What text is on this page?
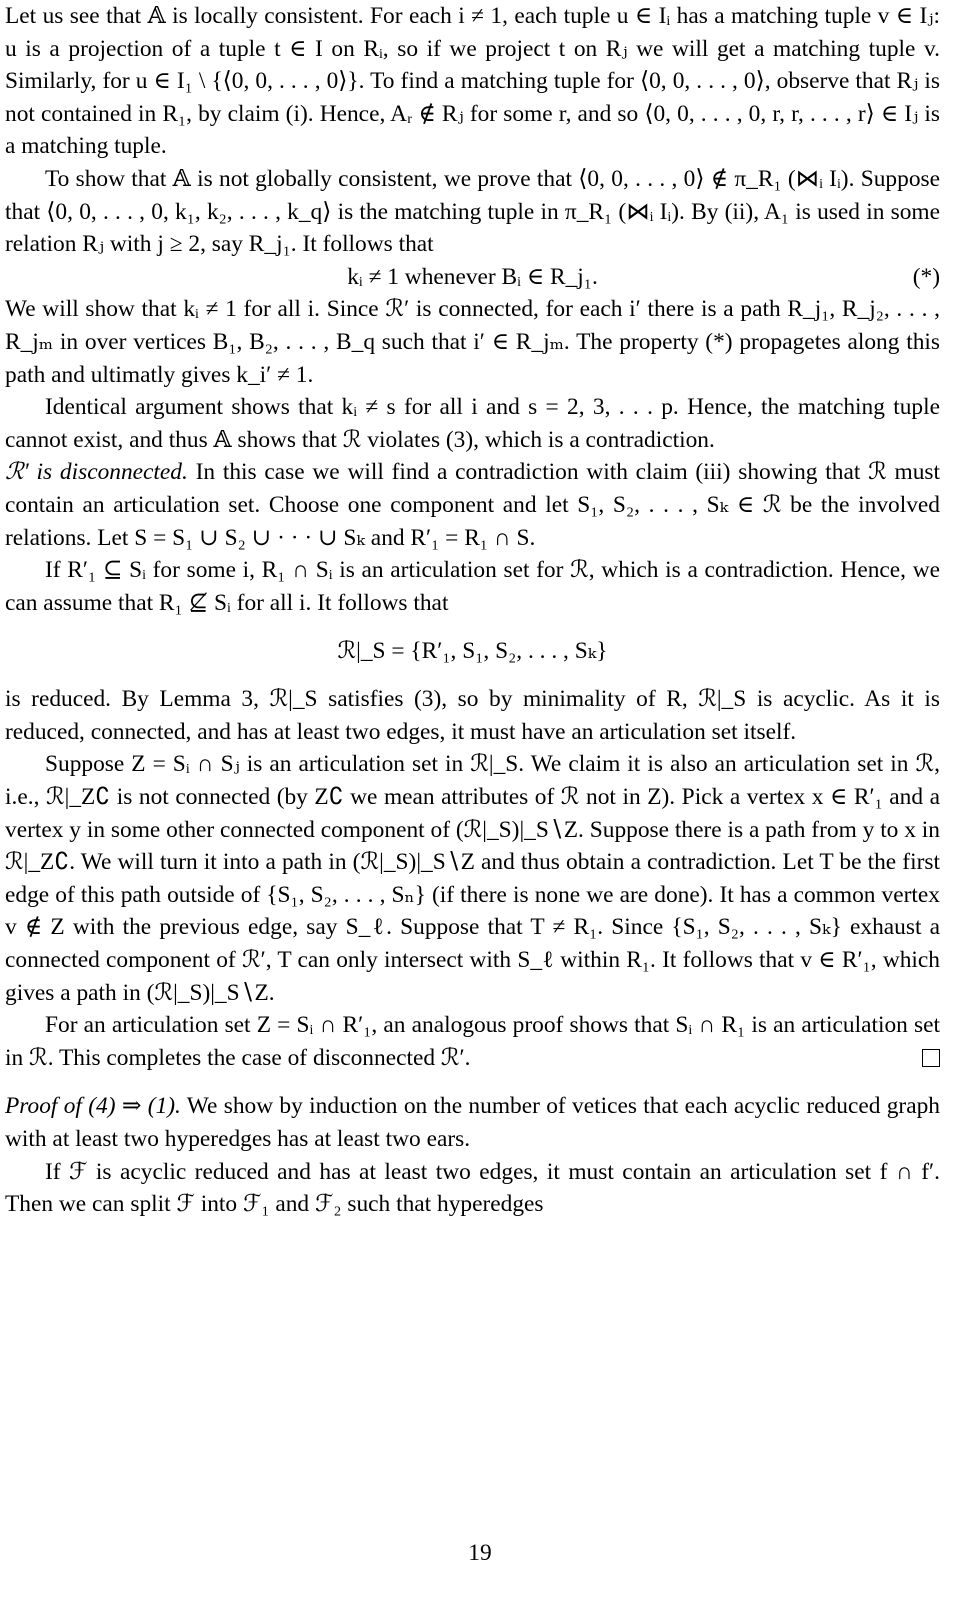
Let us see that 𝔸 is locally consistent. For each i ≠ 1, each tuple u ∈ Iᵢ has a matching tuple v ∈ Iⱼ: u is a projection of a tuple t ∈ I on Rᵢ, so if we project t on Rⱼ we will get a matching tuple v. Similarly, for u ∈ I₁ \ {⟨0, 0, . . . , 0⟩}. To find a matching tuple for ⟨0, 0, . . . , 0⟩, observe that Rⱼ is not contained in R₁, by claim (i). Hence, Aᵣ ∉ Rⱼ for some r, and so ⟨0, 0, . . . , 0, r, r, . . . , r⟩ ∈ Iⱼ is a matching tuple.
To show that 𝔸 is not globally consistent, we prove that ⟨0, 0, . . . , 0⟩ ∉ π_R₁ (⋈ᵢ Iᵢ). Suppose that ⟨0, 0, . . . , 0, k₁, k₂, . . . , k_q⟩ is the matching tuple in π_R₁ (⋈ᵢ Iᵢ). By (ii), A₁ is used in some relation Rⱼ with j ≥ 2, say R_j₁. It follows that
kᵢ ≠ 1 whenever Bᵢ ∈ R_j₁.	(*)
We will show that kᵢ ≠ 1 for all i. Since ℛ′ is connected, for each i′ there is a path R_j₁, R_j₂, . . . , R_jₘ in over vertices B₁, B₂, . . . , B_q such that i′ ∈ R_jₘ. The property (*) propagetes along this path and ultimatly gives k_i′ ≠ 1.
Identical argument shows that kᵢ ≠ s for all i and s = 2, 3, . . . p. Hence, the matching tuple cannot exist, and thus 𝔸 shows that ℛ violates (3), which is a contradiction.
ℛ′ is disconnected. In this case we will find a contradiction with claim (iii) showing that ℛ must contain an articulation set. Choose one component and let S₁, S₂, . . . , Sₖ ∈ ℛ be the involved relations. Let S = S₁ ∪ S₂ ∪ · · · ∪ Sₖ and R′₁ = R₁ ∩ S.
If R′₁ ⊆ Sᵢ for some i, R₁ ∩ Sᵢ is an articulation set for ℛ, which is a contradiction. Hence, we can assume that R₁ ⊈ Sᵢ for all i. It follows that
ℛ|_S = {R′₁, S₁, S₂, . . . , Sₖ}
is reduced. By Lemma 3, ℛ|_S satisfies (3), so by minimality of R, ℛ|_S is acyclic. As it is reduced, connected, and has at least two edges, it must have an articulation set itself.
Suppose Z = Sᵢ ∩ Sⱼ is an articulation set in ℛ|_S. We claim it is also an articulation set in ℛ, i.e., ℛ|_Z∁ is not connected (by Z∁ we mean attributes of ℛ not in Z). Pick a vertex x ∈ R′₁ and a vertex y in some other connected component of (ℛ|_S)|_S∖Z. Suppose there is a path from y to x in ℛ|_Z∁. We will turn it into a path in (ℛ|_S)|_S∖Z and thus obtain a contradiction. Let T be the first edge of this path outside of {S₁, S₂, . . . , Sₙ} (if there is none we are done). It has a common vertex v ∉ Z with the previous edge, say S_ℓ. Suppose that T ≠ R₁. Since {S₁, S₂, . . . , Sₖ} exhaust a connected component of ℛ′, T can only intersect with S_ℓ within R₁. It follows that v ∈ R′₁, which gives a path in (ℛ|_S)|_S∖Z.
For an articulation set Z = Sᵢ ∩ R′₁, an analogous proof shows that Sᵢ ∩ R₁ is an articulation set in ℛ. This completes the case of disconnected ℛ′.
Proof of (4) ⇒ (1). We show by induction on the number of vetices that each acyclic reduced graph with at least two hyperedges has at least two ears.
If ℱ is acyclic reduced and has at least two edges, it must contain an articulation set f ∩ f′. Then we can split ℱ into ℱ₁ and ℱ₂ such that hyperedges
19
